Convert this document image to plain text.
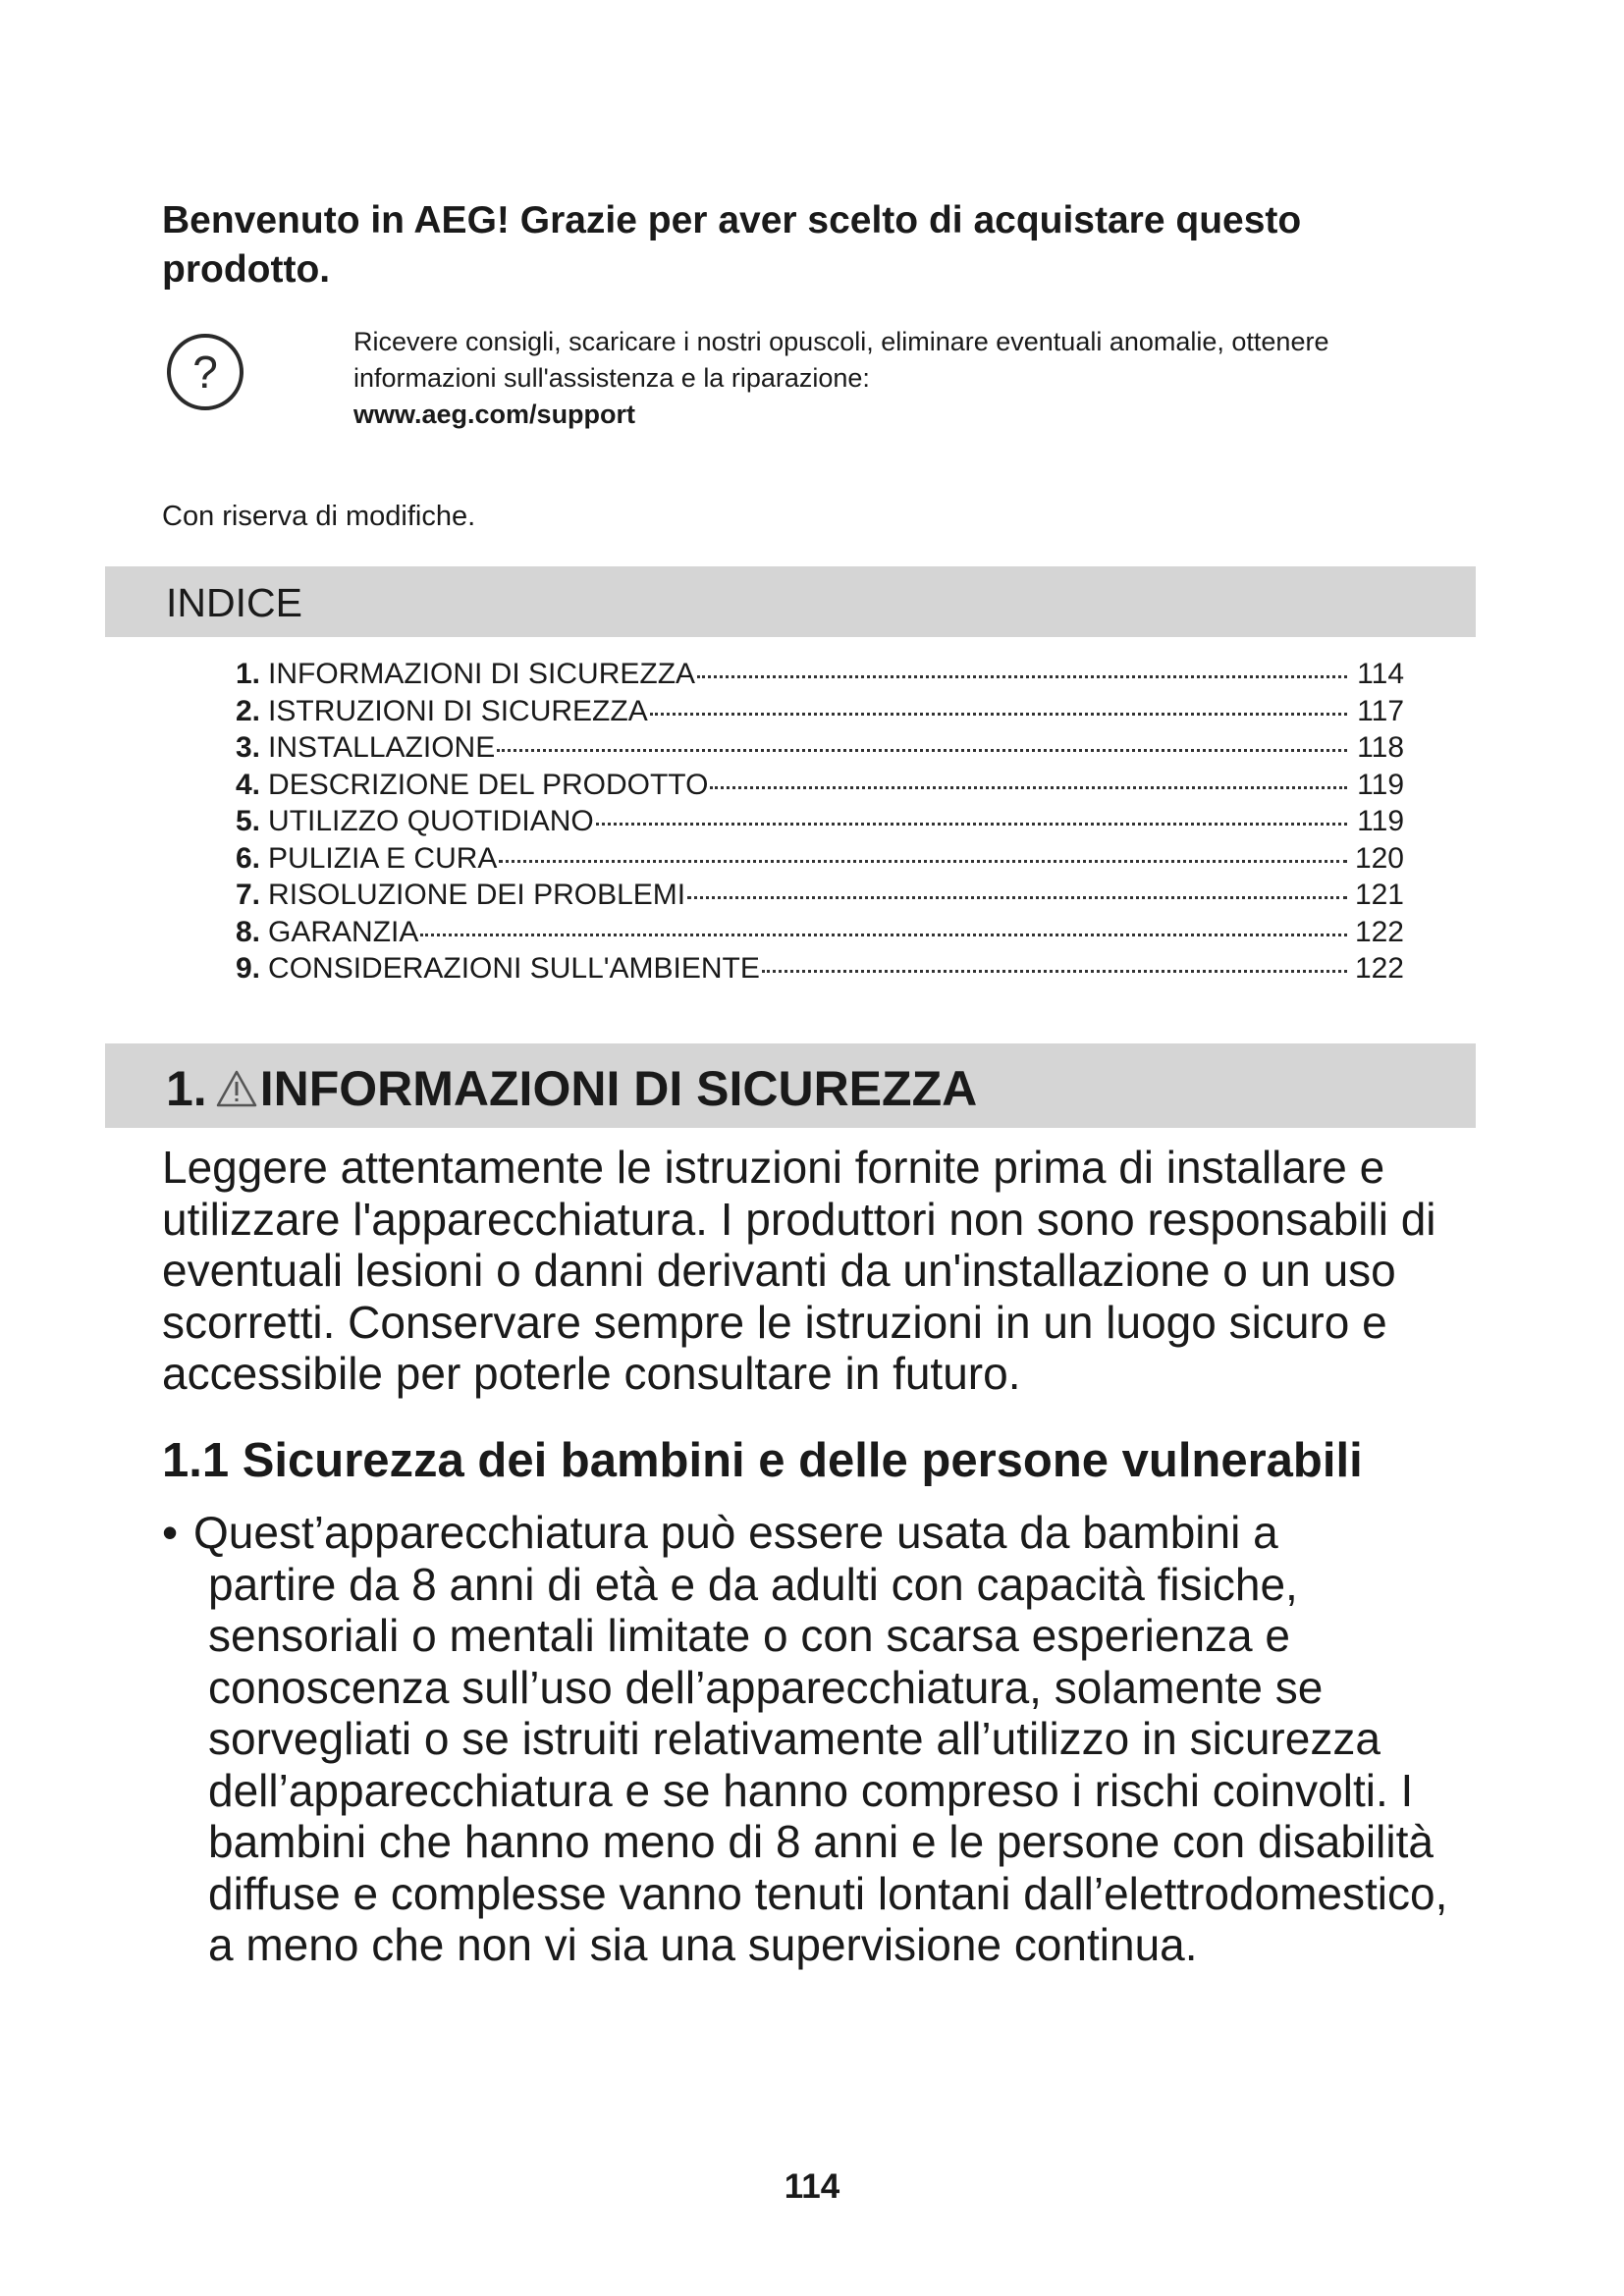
Benvenuto in AEG! Grazie per aver scelto di acquistare questo prodotto.
?
Ricevere consigli, scaricare i nostri opuscoli, eliminare eventuali anomalie, ottenere informazioni sull'assistenza e la riparazione:
www.aeg.com/support
Con riserva di modifiche.
INDICE
1. INFORMAZIONI DI SICUREZZA	114
2. ISTRUZIONI DI SICUREZZA	117
3. INSTALLAZIONE	118
4. DESCRIZIONE DEL PRODOTTO	119
5. UTILIZZO QUOTIDIANO	119
6. PULIZIA E CURA	120
7. RISOLUZIONE DEI PROBLEMI	121
8. GARANZIA	122
9. CONSIDERAZIONI SULL'AMBIENTE	122
1. INFORMAZIONI DI SICUREZZA
Leggere attentamente le istruzioni fornite prima di installare e utilizzare l'apparecchiatura. I produttori non sono responsabili di eventuali lesioni o danni derivanti da un'installazione o un uso scorretti. Conservare sempre le istruzioni in un luogo sicuro e accessibile per poterle consultare in futuro.
1.1 Sicurezza dei bambini e delle persone vulnerabili
• Quest’apparecchiatura può essere usata da bambini a
partire da 8 anni di età e da adulti con capacità fisiche, sensoriali o mentali limitate o con scarsa esperienza e conoscenza sull’uso dell’apparecchiatura, solamente se sorvegliati o se istruiti relativamente all’utilizzo in sicurezza dell’apparecchiatura e se hanno compreso i rischi coinvolti. I bambini che hanno meno di 8 anni e le persone con disabilità diffuse e complesse vanno tenuti lontani dall’elettrodomestico, a meno che non vi sia una supervisione continua.
114
